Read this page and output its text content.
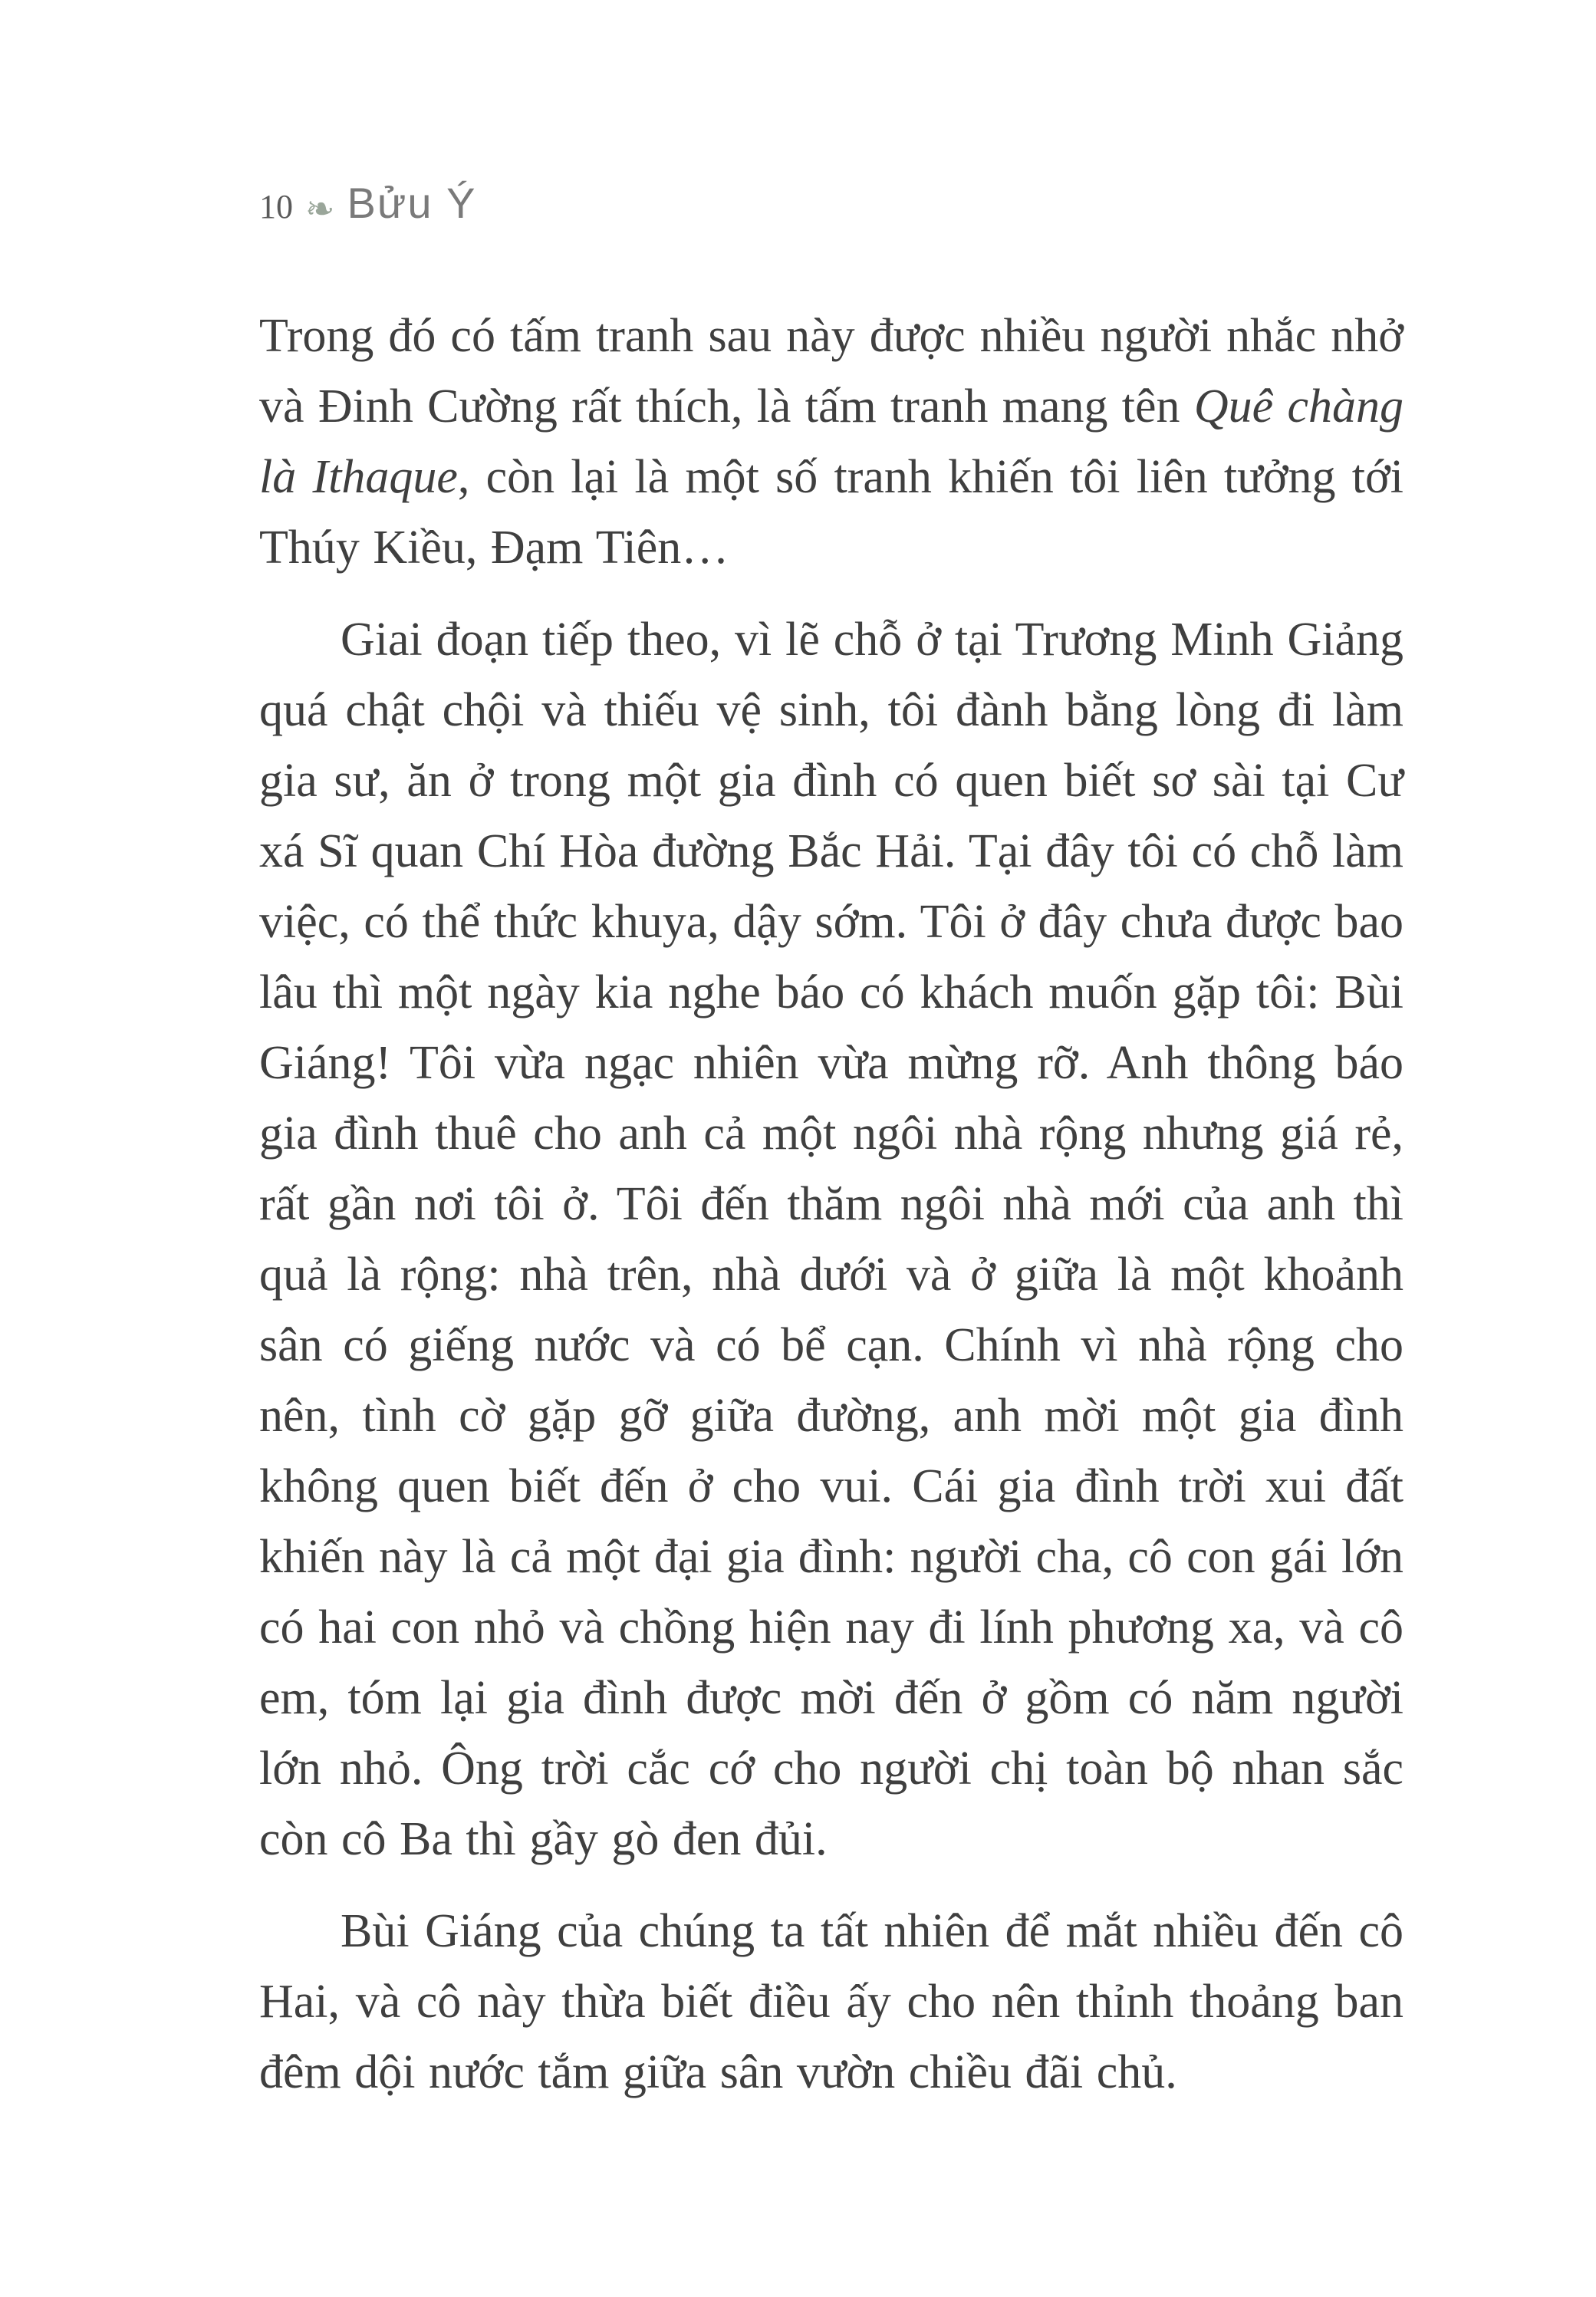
10 ❧ Bửu Ý

Trong đó có tấm tranh sau này được nhiều người nhắc nhở và Đinh Cường rất thích, là tấm tranh mang tên Quê chàng là Ithaque, còn lại là một số tranh khiến tôi liên tưởng tới Thúy Kiều, Đạm Tiên…

Giai đoạn tiếp theo, vì lẽ chỗ ở tại Trương Minh Giảng quá chật chội và thiếu vệ sinh, tôi đành bằng lòng đi làm gia sư, ăn ở trong một gia đình có quen biết sơ sài tại Cư xá Sĩ quan Chí Hòa đường Bắc Hải. Tại đây tôi có chỗ làm việc, có thể thức khuya, dậy sớm. Tôi ở đây chưa được bao lâu thì một ngày kia nghe báo có khách muốn gặp tôi: Bùi Giáng! Tôi vừa ngạc nhiên vừa mừng rỡ. Anh thông báo gia đình thuê cho anh cả một ngôi nhà rộng nhưng giá rẻ, rất gần nơi tôi ở. Tôi đến thăm ngôi nhà mới của anh thì quả là rộng: nhà trên, nhà dưới và ở giữa là một khoảnh sân có giếng nước và có bể cạn. Chính vì nhà rộng cho nên, tình cờ gặp gỡ giữa đường, anh mời một gia đình không quen biết đến ở cho vui. Cái gia đình trời xui đất khiến này là cả một đại gia đình: người cha, cô con gái lớn có hai con nhỏ và chồng hiện nay đi lính phương xa, và cô em, tóm lại gia đình được mời đến ở gồm có năm người lớn nhỏ. Ông trời cắc cớ cho người chị toàn bộ nhan sắc còn cô Ba thì gầy gò đen đủi.

Bùi Giáng của chúng ta tất nhiên để mắt nhiều đến cô Hai, và cô này thừa biết điều ấy cho nên thỉnh thoảng ban đêm dội nước tắm giữa sân vườn chiều đãi chủ.
